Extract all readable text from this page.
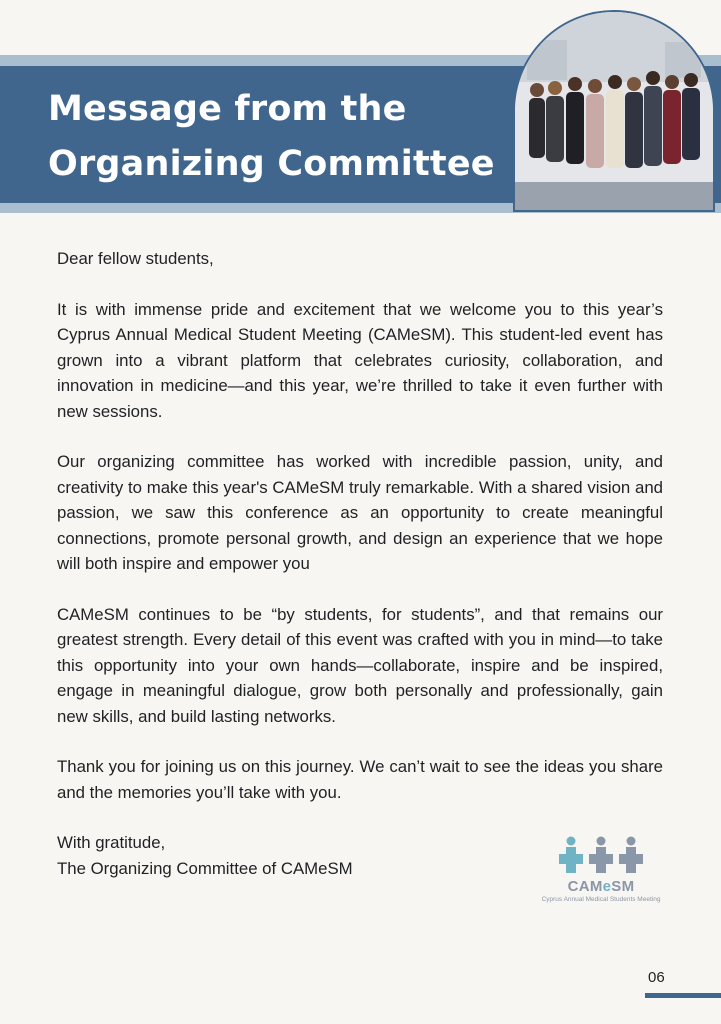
Message from the
Organizing Committee

Dear fellow students,

It is with immense pride and excitement that we welcome you to this year’s Cyprus Annual Medical Student Meeting (CAMeSM). This student-led event has grown into a vibrant platform that celebrates curiosity, collaboration, and innovation in medicine—and this year, we’re thrilled to take it even further with new sessions.

Our organizing committee has worked with incredible passion, unity, and creativity to make this year's CAMeSM truly remarkable. With a shared vision and passion, we saw this conference as an opportunity to create meaningful connections, promote personal growth, and design an experience that we hope will both inspire and empower you

CAMeSM continues to be “by students, for students”, and that remains our greatest strength. Every detail of this event was crafted with you in mind—to take this opportunity into your own hands—collaborate, inspire and be inspired, engage in meaningful dialogue, grow both personally and professionally, gain new skills, and build lasting networks.

Thank you for joining us on this journey. We can’t wait to see the ideas you share and the memories you’ll take with you.

With gratitude,
The Organizing Committee of CAMeSM
CAMeSM
Cyprus Annual Medical Students Meeting
06
